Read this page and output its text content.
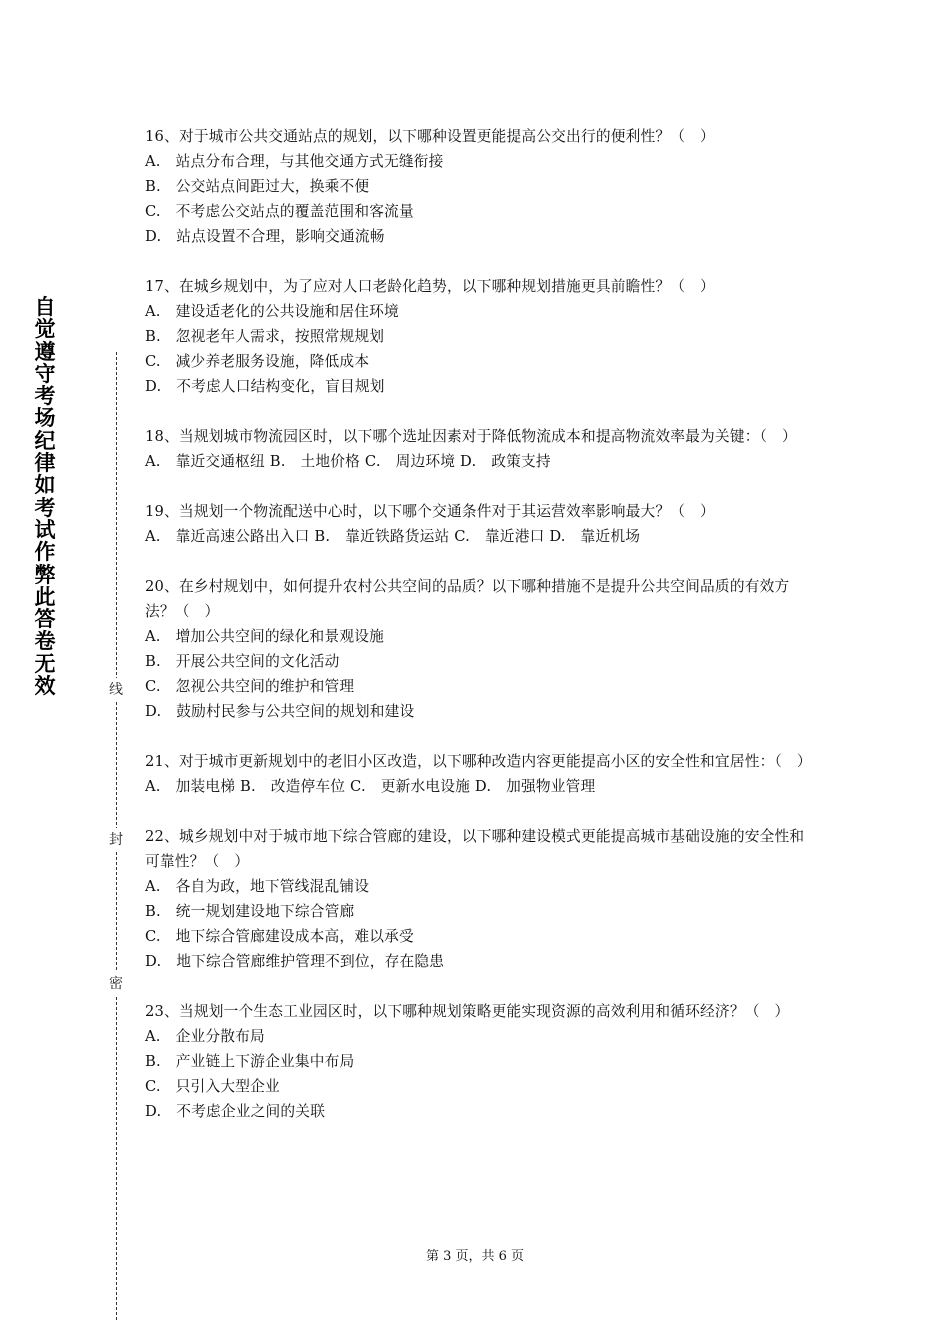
自觉遵守考场纪律如考试作弊此答卷无效	线
封
密

16、对于城市公共交通站点的规划，以下哪种设置更能提高公交出行的便利性？（　）

A.　站点分布合理，与其他交通方式无缝衔接

B.　公交站点间距过大，换乘不便

C.　不考虑公交站点的覆盖范围和客流量

D.　站点设置不合理，影响交通流畅

17、在城乡规划中，为了应对人口老龄化趋势，以下哪种规划措施更具前瞻性？（　）

A.　建设适老化的公共设施和居住环境

B.　忽视老年人需求，按照常规规划

C.　减少养老服务设施，降低成本

D.　不考虑人口结构变化，盲目规划

18、当规划城市物流园区时，以下哪个选址因素对于降低物流成本和提高物流效率最为关键：（　）

A.　靠近交通枢纽 B.　土地价格 C.　周边环境 D.　政策支持

19、当规划一个物流配送中心时，以下哪个交通条件对于其运营效率影响最大？（　）

A.　靠近高速公路出入口 B.　靠近铁路货运站 C.　靠近港口 D.　靠近机场

20、在乡村规划中，如何提升农村公共空间的品质？以下哪种措施不是提升公共空间品质的有效方法？（　）

A.　增加公共空间的绿化和景观设施

B.　开展公共空间的文化活动

C.　忽视公共空间的维护和管理

D.　鼓励村民参与公共空间的规划和建设

21、对于城市更新规划中的老旧小区改造，以下哪种改造内容更能提高小区的安全性和宜居性：（　）

A.　加装电梯 B.　改造停车位 C.　更新水电设施 D.　加强物业管理

22、城乡规划中对于城市地下综合管廊的建设，以下哪种建设模式更能提高城市基础设施的安全性和可靠性？（　）

A.　各自为政，地下管线混乱铺设

B.　统一规划建设地下综合管廊

C.　地下综合管廊建设成本高，难以承受

D.　地下综合管廊维护管理不到位，存在隐患

23、当规划一个生态工业园区时，以下哪种规划策略更能实现资源的高效利用和循环经济？（　）

A.　企业分散布局

B.　产业链上下游企业集中布局

C.　只引入大型企业

D.　不考虑企业之间的关联

第 3 页，共 6 页
